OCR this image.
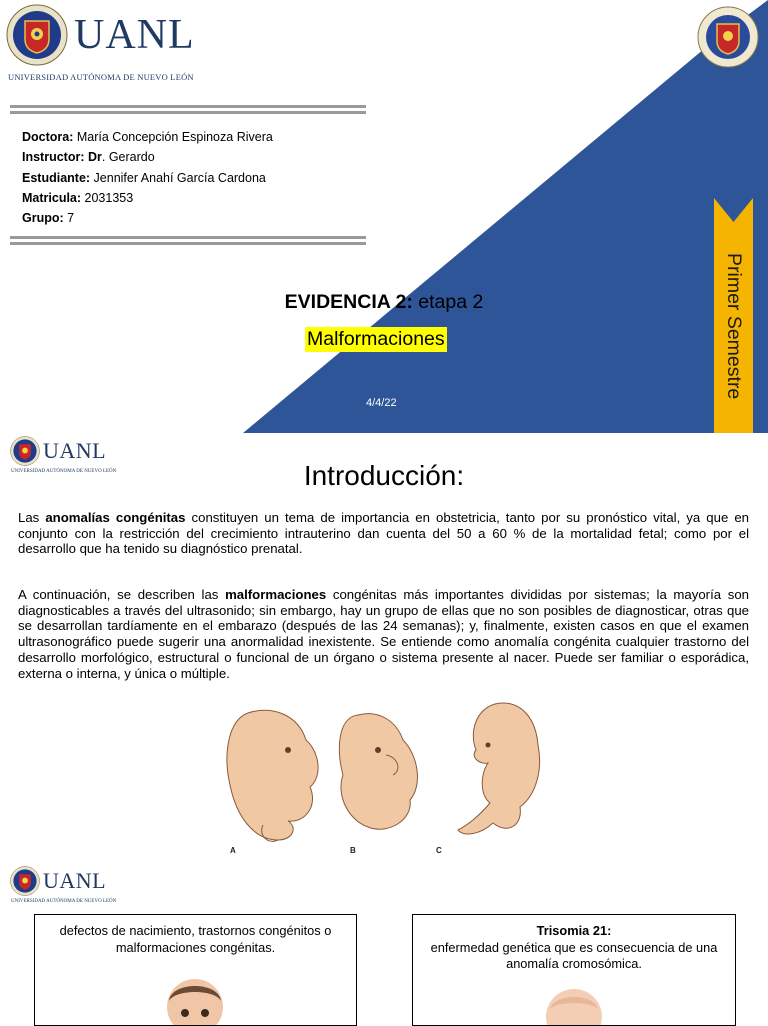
UANL
UNIVERSIDAD AUTÓNOMA DE NUEVO LEÓN
Doctora: María Concepción Espinoza Rivera
Instructor: Dr. Gerardo
Estudiante: Jennifer Anahí García Cardona
Matricula: 2031353
Grupo: 7
EVIDENCIA 2: etapa 2
Malformaciones
4/4/22
Primer Semestre
UANL
UNIVERSIDAD AUTÓNOMA DE NUEVO LEÓN	Introducción:
Las anomalías congénitas constituyen un tema de importancia en obstetricia, tanto por su pronóstico vital, ya que en conjunto con la restricción del crecimiento intrauterino dan cuenta del 50 a 60 % de la mortalidad fetal; como por el desarrollo que ha tenido su diagnóstico prenatal.
A continuación, se describen las malformaciones congénitas más importantes divididas por sistemas; la mayoría son diagnosticables a través del ultrasonido; sin embargo, hay un grupo de ellas que no son posibles de diagnosticar, otras que se desarrollan tardíamente en el embarazo (después de las 24 semanas); y, finalmente, existen casos en que el examen ultrasonográfico puede sugerir una anormalidad inexistente. Se entiende como anomalía congénita cualquier trastorno del desarrollo morfológico, estructural o funcional de un órgano o sistema presente al nacer. Puede ser familiar o esporádica, externa o interna, y única o múltiple.
A	B	C
UANL
UNIVERSIDAD AUTÓNOMA DE NUEVO LEÓN
defectos de nacimiento, trastornos congénitos o malformaciones congénitas.
Trisomia 21:
enfermedad genética que es consecuencia de una anomalía cromosómica.
